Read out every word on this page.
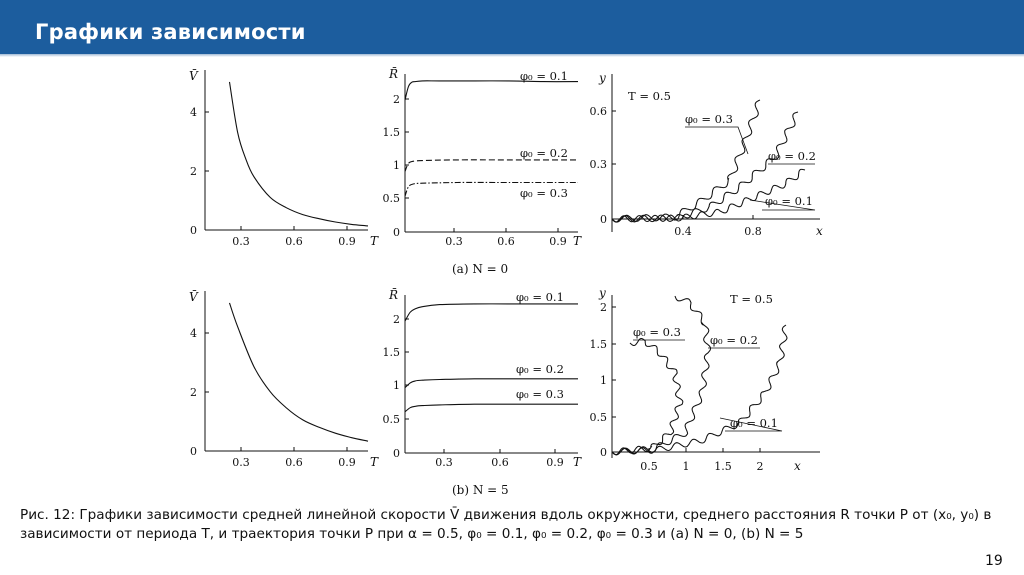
Графики зависимости
0.3	0.6	0.9
0
2
4
T
V̄
0.3	0.6	0.9
0
0.5
1
1.5
2
T
R̄	φ₀ = 0.1
φ₀ = 0.2
φ₀ = 0.3
0.4	0.8
0
0.3
0.6
x
y
T = 0.5
φ₀ = 0.3
φ₀ = 0.2
φ₀ = 0.1
(a) N = 0
0.3	0.6	0.9
0
2
4
T
V̄
0.3	0.6	0.9
0
0.5
1
1.5
2
T
R̄	φ₀ = 0.1
φ₀ = 0.2
φ₀ = 0.3
0.5 1 1.5 2
0
0.5
1
1.5
2
x
y	T = 0.5
φ₀ = 0.3
φ₀ = 0.2
φ₀ = 0.1
(b) N = 5
Рис. 12: Графики зависимости средней линейной скорости V̄ движения вдоль окружности, среднего расстояния R точки P от (x₀, y₀) в зависимости от периода T, и траектория точки P при α = 0.5, φ₀ = 0.1, φ₀ = 0.2, φ₀ = 0.3 и (a) N = 0, (b) N = 5
19
